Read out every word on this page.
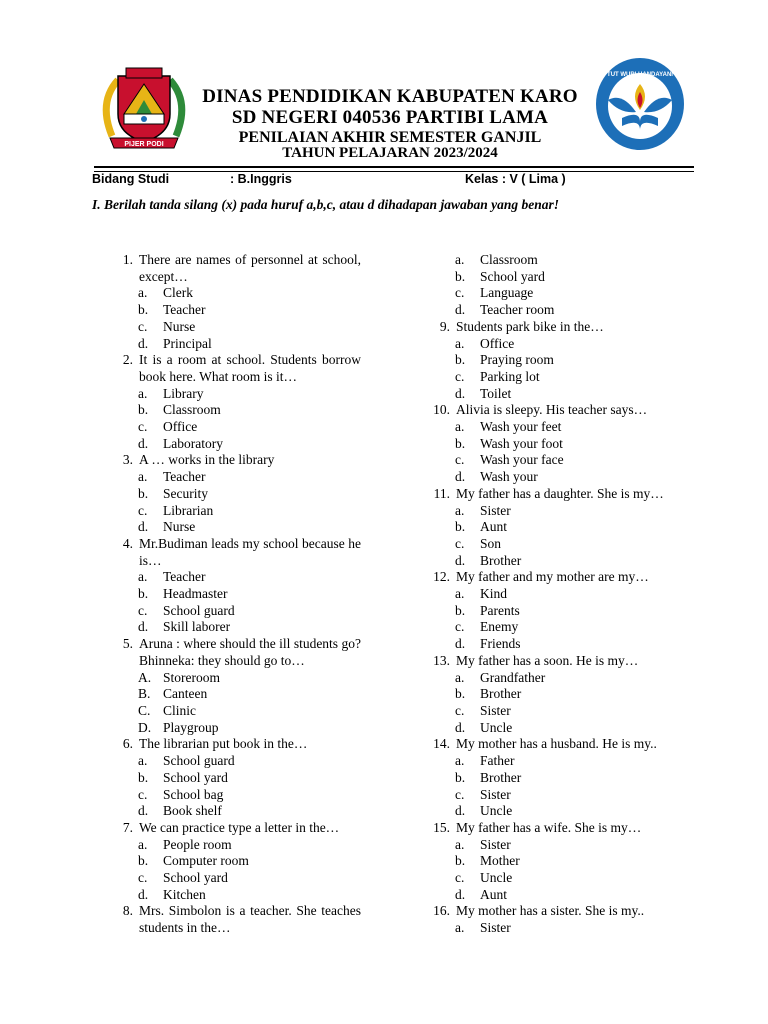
PIJER PODI
TUT WURI HANDAYANI
DINAS PENDIDIKAN KABUPATEN KARO
SD NEGERI 040536 PARTIBI LAMA
PENILAIAN AKHIR SEMESTER GANJIL
TAHUN PELAJARAN 2023/2024
Bidang Studi	: B.Inggris	Kelas : V ( Lima )
I. Berilah tanda silang (x) pada huruf a,b,c, atau d dihadapan jawaban yang benar!
1. There are names of personnel at school, except…
a. Clerk
b. Teacher
c. Nurse
d. Principal
2. It is a room at school. Students borrow book here. What room is it…
a. Library
b. Classroom
c. Office
d. Laboratory
3. A … works in the library
a. Teacher
b. Security
c. Librarian
d. Nurse
4. Mr.Budiman leads my school because he is…
a. Teacher
b. Headmaster
c. School guard
d. Skill laborer
5. Aruna : where should the ill students go? Bhinneka: they should go to…
A. Storeroom
B. Canteen
C. Clinic
D. Playgroup
6. The librarian put book in the…
a. School guard
b. School yard
c. School bag
d. Book shelf
7. We can practice type a letter in the…
a. People room
b. Computer room
c. School yard
d. Kitchen
8. Mrs. Simbolon is a teacher. She teaches students in the…
a. Classroom
b. School yard
c. Language
d. Teacher room
9. Students park bike in the…
a. Office
b. Praying room
c. Parking lot
d. Toilet
10. Alivia is sleepy. His teacher says…
a. Wash your feet
b. Wash your foot
c. Wash your face
d. Wash your
11. My father has a daughter. She is my…
a. Sister
b. Aunt
c. Son
d. Brother
12. My father and my mother are my…
a. Kind
b. Parents
c. Enemy
d. Friends
13. My father has a soon. He is my…
a. Grandfather
b. Brother
c. Sister
d. Uncle
14. My mother has a husband. He is my..
a. Father
b. Brother
c. Sister
d. Uncle
15. My father has a wife. She is my…
a. Sister
b. Mother
c. Uncle
d. Aunt
16. My mother has a sister. She is my..
a. Sister
